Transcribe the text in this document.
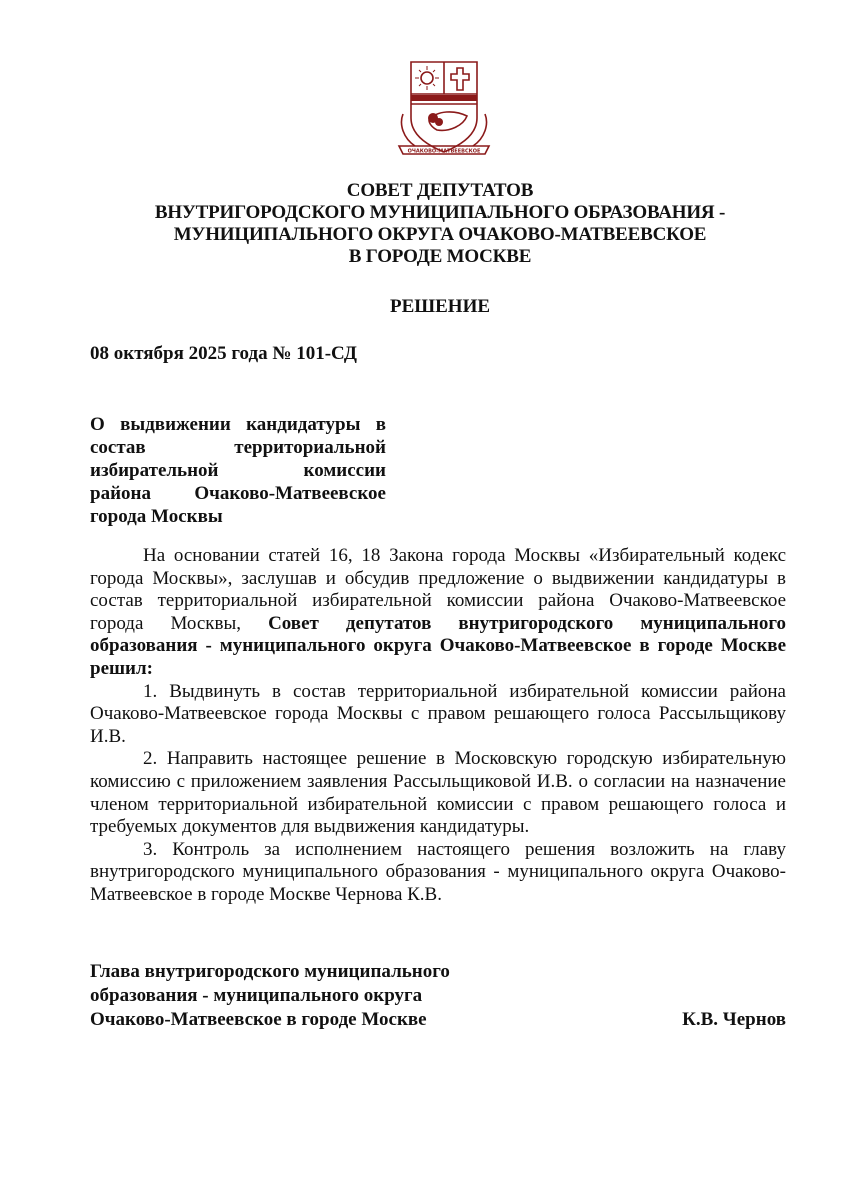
ОЧАКОВО-МАТВЕЕВСКОЕ
СОВЕТ ДЕПУТАТОВ
ВНУТРИГОРОДСКОГО МУНИЦИПАЛЬНОГО ОБРАЗОВАНИЯ -
МУНИЦИПАЛЬНОГО ОКРУГА ОЧАКОВО-МАТВЕЕВСКОЕ
В ГОРОДЕ МОСКВЕ
РЕШЕНИЕ
08 октября 2025 года № 101-СД
О выдвижении кандидатуры в
состав территориальной
избирательной комиссии
района Очаково-Матвеевское
города Москвы

На основании статей 16, 18 Закона города Москвы «Избирательный кодекс города Москвы», заслушав и обсудив предложение о выдвижении кандидатуры в состав территориальной избирательной комиссии района Очаково-Матвеевское города Москвы, Совет депутатов внутригородского муниципального образования - муниципального округа Очаково-Матвеевское в городе Москве решил:

1. Выдвинуть в состав территориальной избирательной комиссии района Очаково-Матвеевское города Москвы с правом решающего голоса Рассыльщикову И.В.

2. Направить настоящее решение в Московскую городскую избирательную комиссию с приложением заявления Рассыльщиковой И.В. о согласии на назначение членом территориальной избирательной комиссии с правом решающего голоса и требуемых документов для выдвижения кандидатуры.

3. Контроль за исполнением настоящего решения возложить на главу внутригородского муниципального образования - муниципального округа Очаково-Матвеевское в городе Москве Чернова К.В.

Глава внутригородского муниципального
образования - муниципального округа
Очаково-Матвеевское в городе Москве	К.В. Чернов
